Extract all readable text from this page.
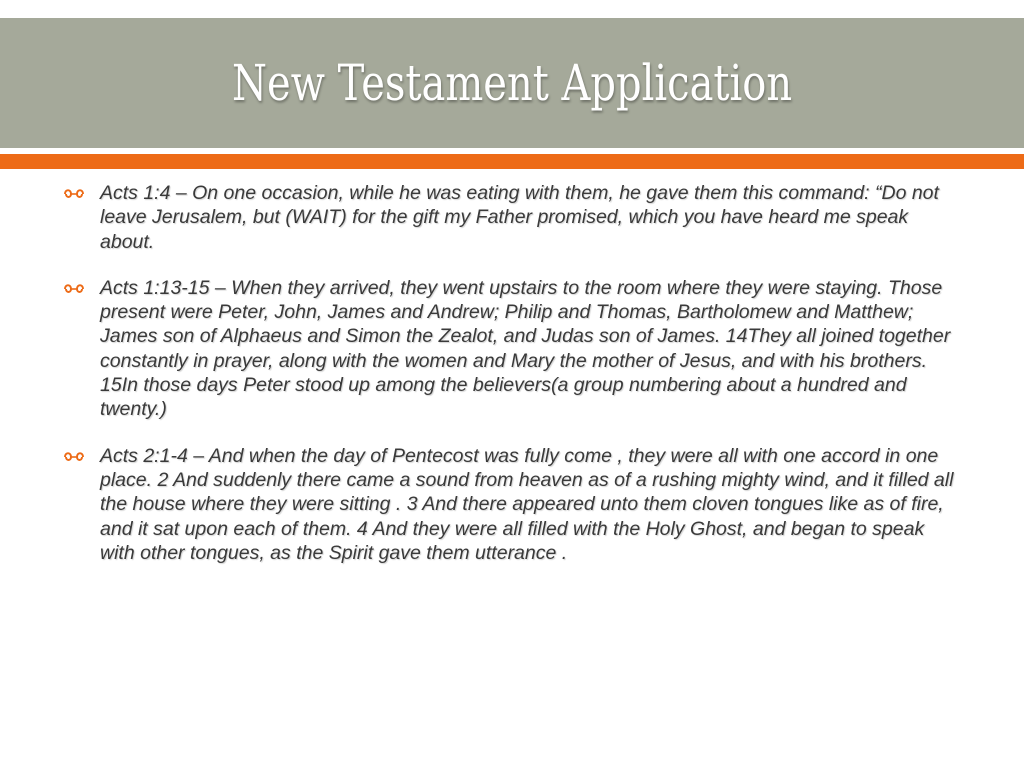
New Testament Application
Acts 1:4 – On one occasion, while he was eating with them, he gave them this command: “Do not leave Jerusalem, but (WAIT) for the gift my Father promised, which you have heard me speak about.
Acts 1:13-15 – When they arrived, they went upstairs to the room where they were staying. Those present were Peter, John, James and Andrew; Philip and Thomas, Bartholomew and Matthew; James son of Alphaeus and Simon the Zealot, and Judas son of James. 14They all joined together constantly in prayer, along with the women and Mary the mother of Jesus, and with his brothers. 15In those days Peter stood up among the believers(a group numbering about a hundred and twenty.)
Acts 2:1-4 – And when the day of Pentecost was fully come , they were all with one accord in one place. 2 And suddenly there came a sound from heaven as of a rushing mighty wind, and it filled all the house where they were sitting . 3 And there appeared unto them cloven tongues like as of fire, and it sat upon each of them. 4 And they were all filled with the Holy Ghost, and began to speak with other tongues, as the Spirit gave them utterance .
